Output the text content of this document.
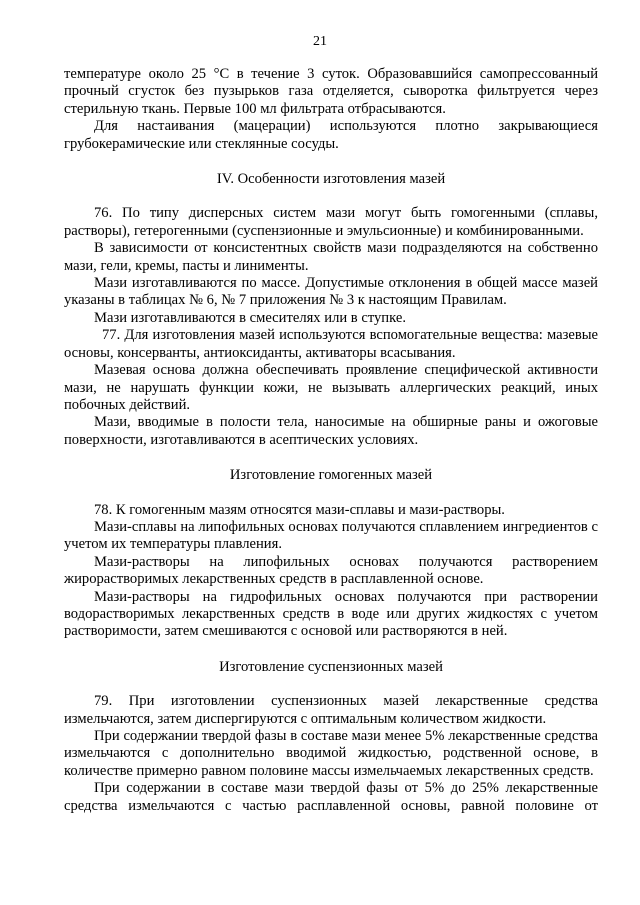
21

температуре около 25 °С в течение 3 суток. Образовавшийся самопрессованный прочный сгусток без пузырьков газа отделяется, сыворотка фильтруется через стерильную ткань. Первые 100 мл фильтрата отбрасываются.

Для настаивания (мацерации) используются плотно закрывающиеся грубокерамические или стеклянные сосуды.

IV. Особенности изготовления мазей

76. По типу дисперсных систем мази могут быть гомогенными (сплавы, растворы), гетерогенными (суспензионные и эмульсионные) и комбинированными.

В зависимости от консистентных свойств мази подразделяются на собственно мази, гели, кремы, пасты и линименты.

Мази изготавливаются по массе. Допустимые отклонения в общей массе мазей указаны в таблицах № 6, № 7 приложения № 3 к настоящим Правилам.

Мази изготавливаются в смесителях или в ступке.

77. Для изготовления мазей используются вспомогательные вещества: мазевые основы, консерванты, антиоксиданты, активаторы всасывания.

Мазевая основа должна обеспечивать проявление специфической активности мази, не нарушать функции кожи, не вызывать аллергических реакций, иных побочных действий.

Мази, вводимые в полости тела, наносимые на обширные раны и ожоговые поверхности, изготавливаются в асептических условиях.

Изготовление гомогенных мазей

78. К гомогенным мазям относятся мази-сплавы и мази-растворы.

Мази-сплавы на липофильных основах получаются сплавлением ингредиентов с учетом их температуры плавления.

Мази-растворы на липофильных основах получаются растворением жирорастворимых лекарственных средств в расплавленной основе.

Мази-растворы на гидрофильных основах получаются при растворении водорастворимых лекарственных средств в воде или других жидкостях с учетом растворимости, затем смешиваются с основой или растворяются в ней.

Изготовление суспензионных мазей

79. При изготовлении суспензионных мазей лекарственные средства измельчаются, затем диспергируются с оптимальным количеством жидкости.

При содержании твердой фазы в составе мази менее 5% лекарственные средства измельчаются с дополнительно вводимой жидкостью, родственной основе, в количестве примерно равном половине массы измельчаемых лекарственных средств.

При содержании в составе мази твердой фазы от 5% до 25% лекарственные средства измельчаются с частью расплавленной основы, равной половине от
